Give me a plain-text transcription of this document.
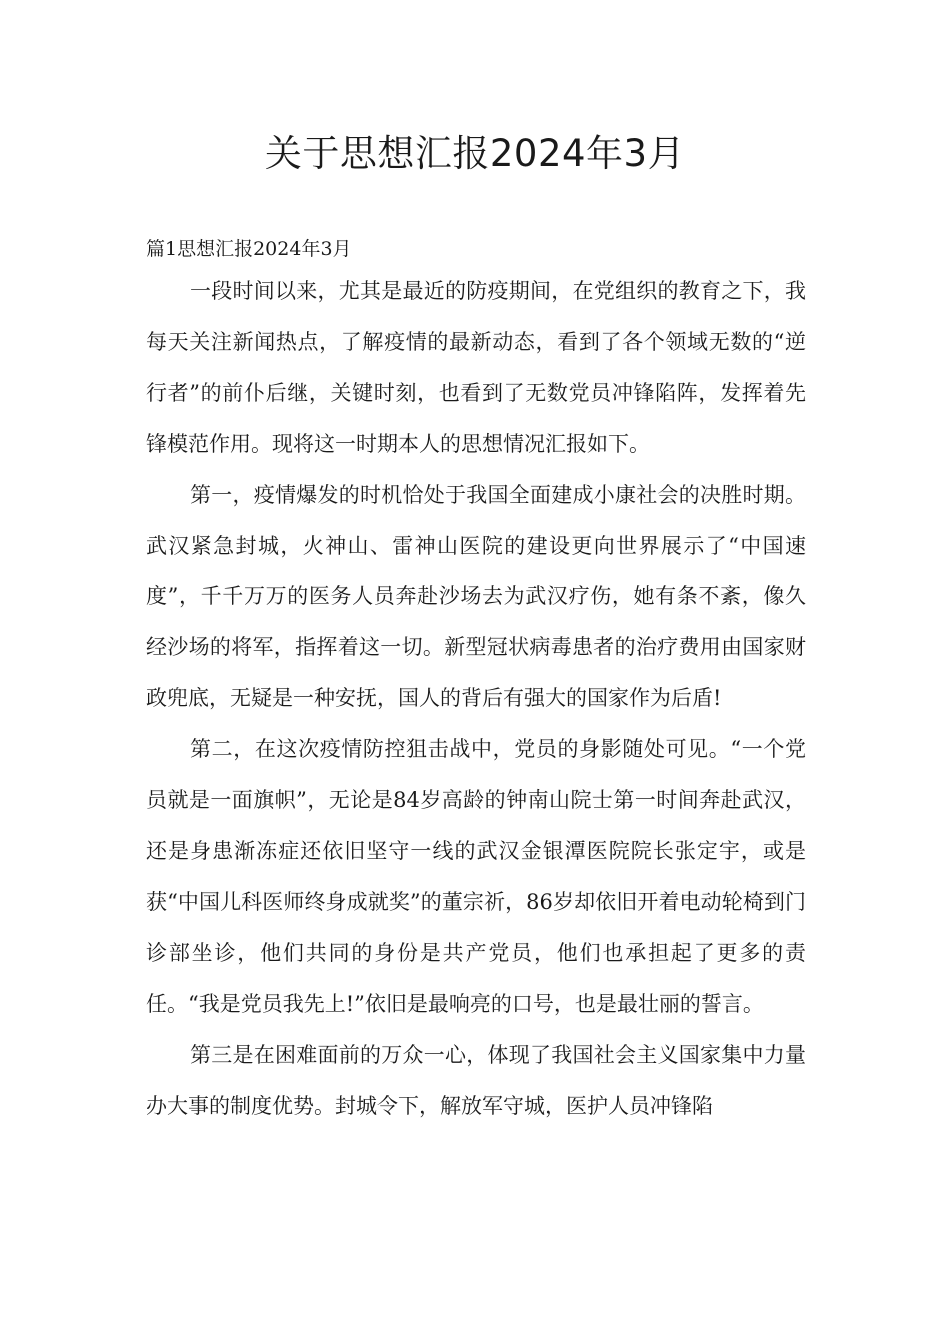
关于思想汇报2024年3月

篇1思想汇报2024年3月

一段时间以来，尤其是最近的防疫期间，在党组织的教育之下，我每天关注新闻热点，了解疫情的最新动态，看到了各个领域无数的“逆行者”的前仆后继，关键时刻，也看到了无数党员冲锋陷阵，发挥着先锋模范作用。现将这一时期本人的思想情况汇报如下。

第一，疫情爆发的时机恰处于我国全面建成小康社会的决胜时期。武汉紧急封城，火神山、雷神山医院的建设更向世界展示了“中国速度”，千千万万的医务人员奔赴沙场去为武汉疗伤，她有条不紊，像久经沙场的将军，指挥着这一切。新型冠状病毒患者的治疗费用由国家财政兜底，无疑是一种安抚，国人的背后有强大的国家作为后盾!

第二，在这次疫情防控狙击战中，党员的身影随处可见。“一个党员就是一面旗帜”，无论是84岁高龄的钟南山院士第一时间奔赴武汉，还是身患渐冻症还依旧坚守一线的武汉金银潭医院院长张定宇，或是获“中国儿科医师终身成就奖”的董宗祈，86岁却依旧开着电动轮椅到门诊部坐诊，他们共同的身份是共产党员，他们也承担起了更多的责任。“我是党员我先上!”依旧是最响亮的口号，也是最壮丽的誓言。

第三是在困难面前的万众一心，体现了我国社会主义国家集中力量办大事的制度优势。封城令下，解放军守城，医护人员冲锋陷
